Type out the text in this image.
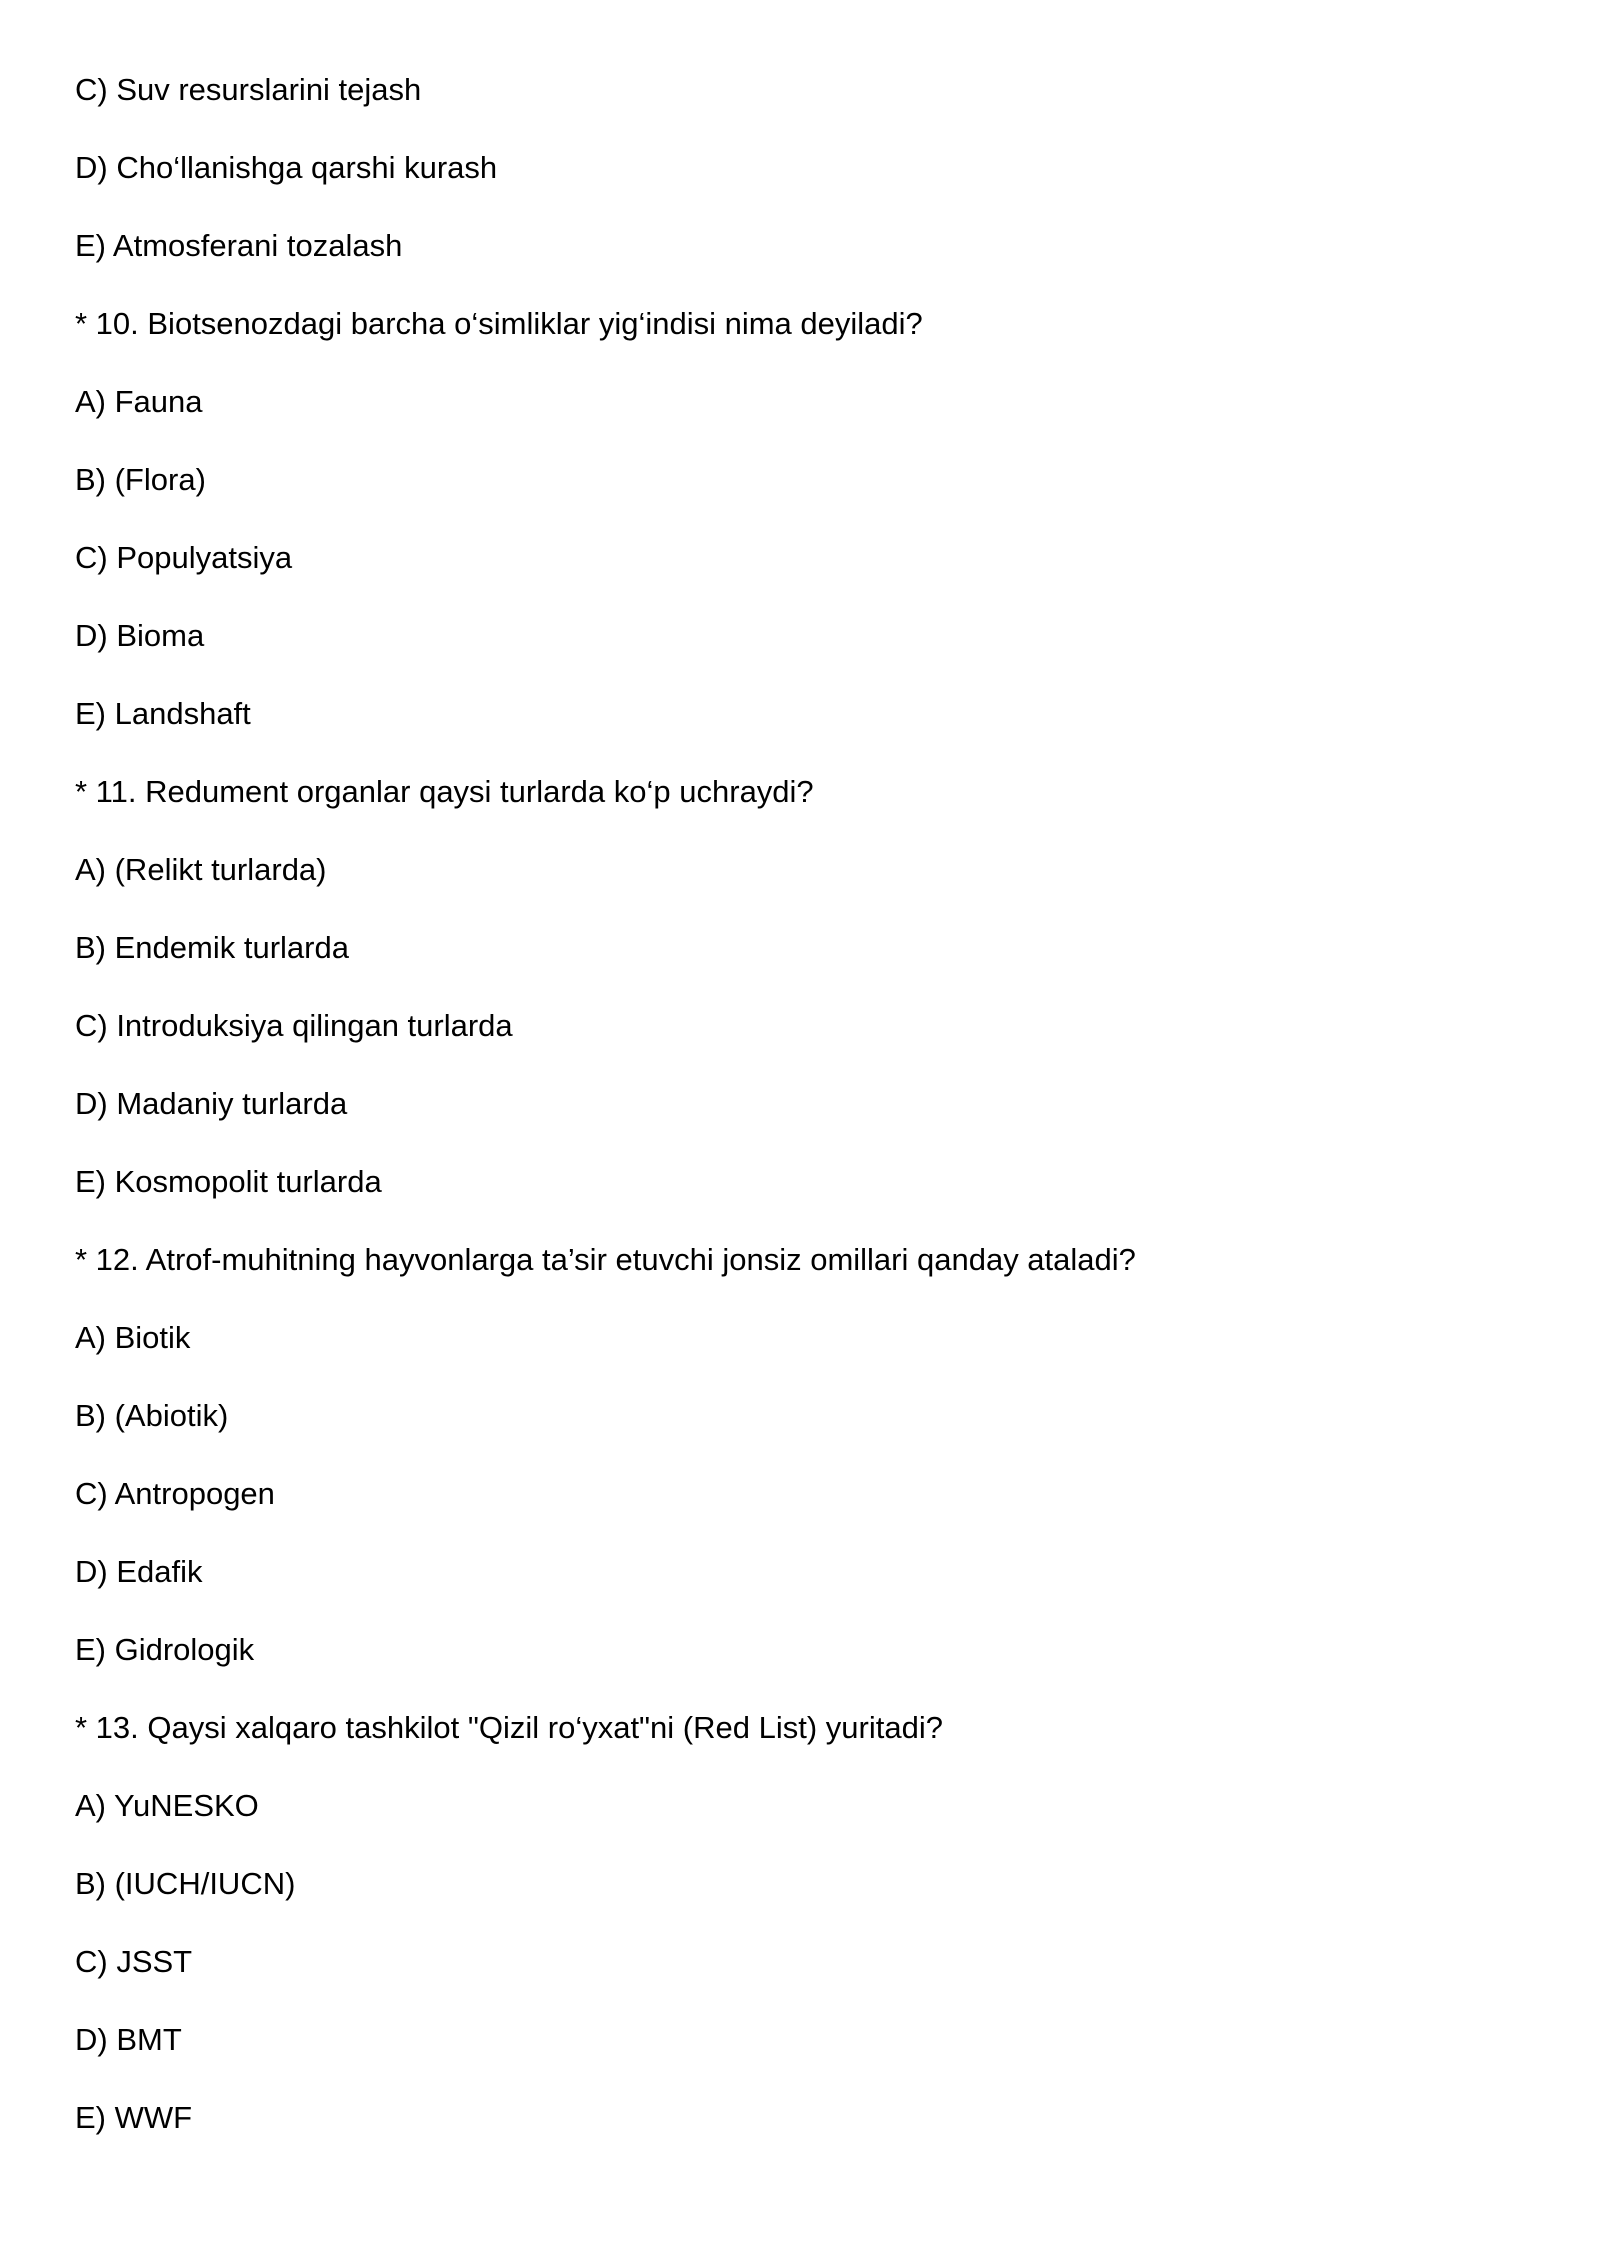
C) Suv resurslarini tejash
D) Cho‘llanishga qarshi kurash
E) Atmosferani tozalash
* 10. Biotsenozdagi barcha o‘simliklar yig‘indisi nima deyiladi?
A) Fauna
B) (Flora)
C) Populyatsiya
D) Bioma
E) Landshaft
* 11. Redument organlar qaysi turlarda ko‘p uchraydi?
A) (Relikt turlarda)
B) Endemik turlarda
C) Introduksiya qilingan turlarda
D) Madaniy turlarda
E) Kosmopolit turlarda
* 12. Atrof-muhitning hayvonlarga ta’sir etuvchi jonsiz omillari qanday ataladi?
A) Biotik
B) (Abiotik)
C) Antropogen
D) Edafik
E) Gidrologik
* 13. Qaysi xalqaro tashkilot "Qizil ro‘yxat"ni (Red List) yuritadi?
A) YuNESKO
B) (IUCH/IUCN)
C) JSST
D) BMT
E) WWF
